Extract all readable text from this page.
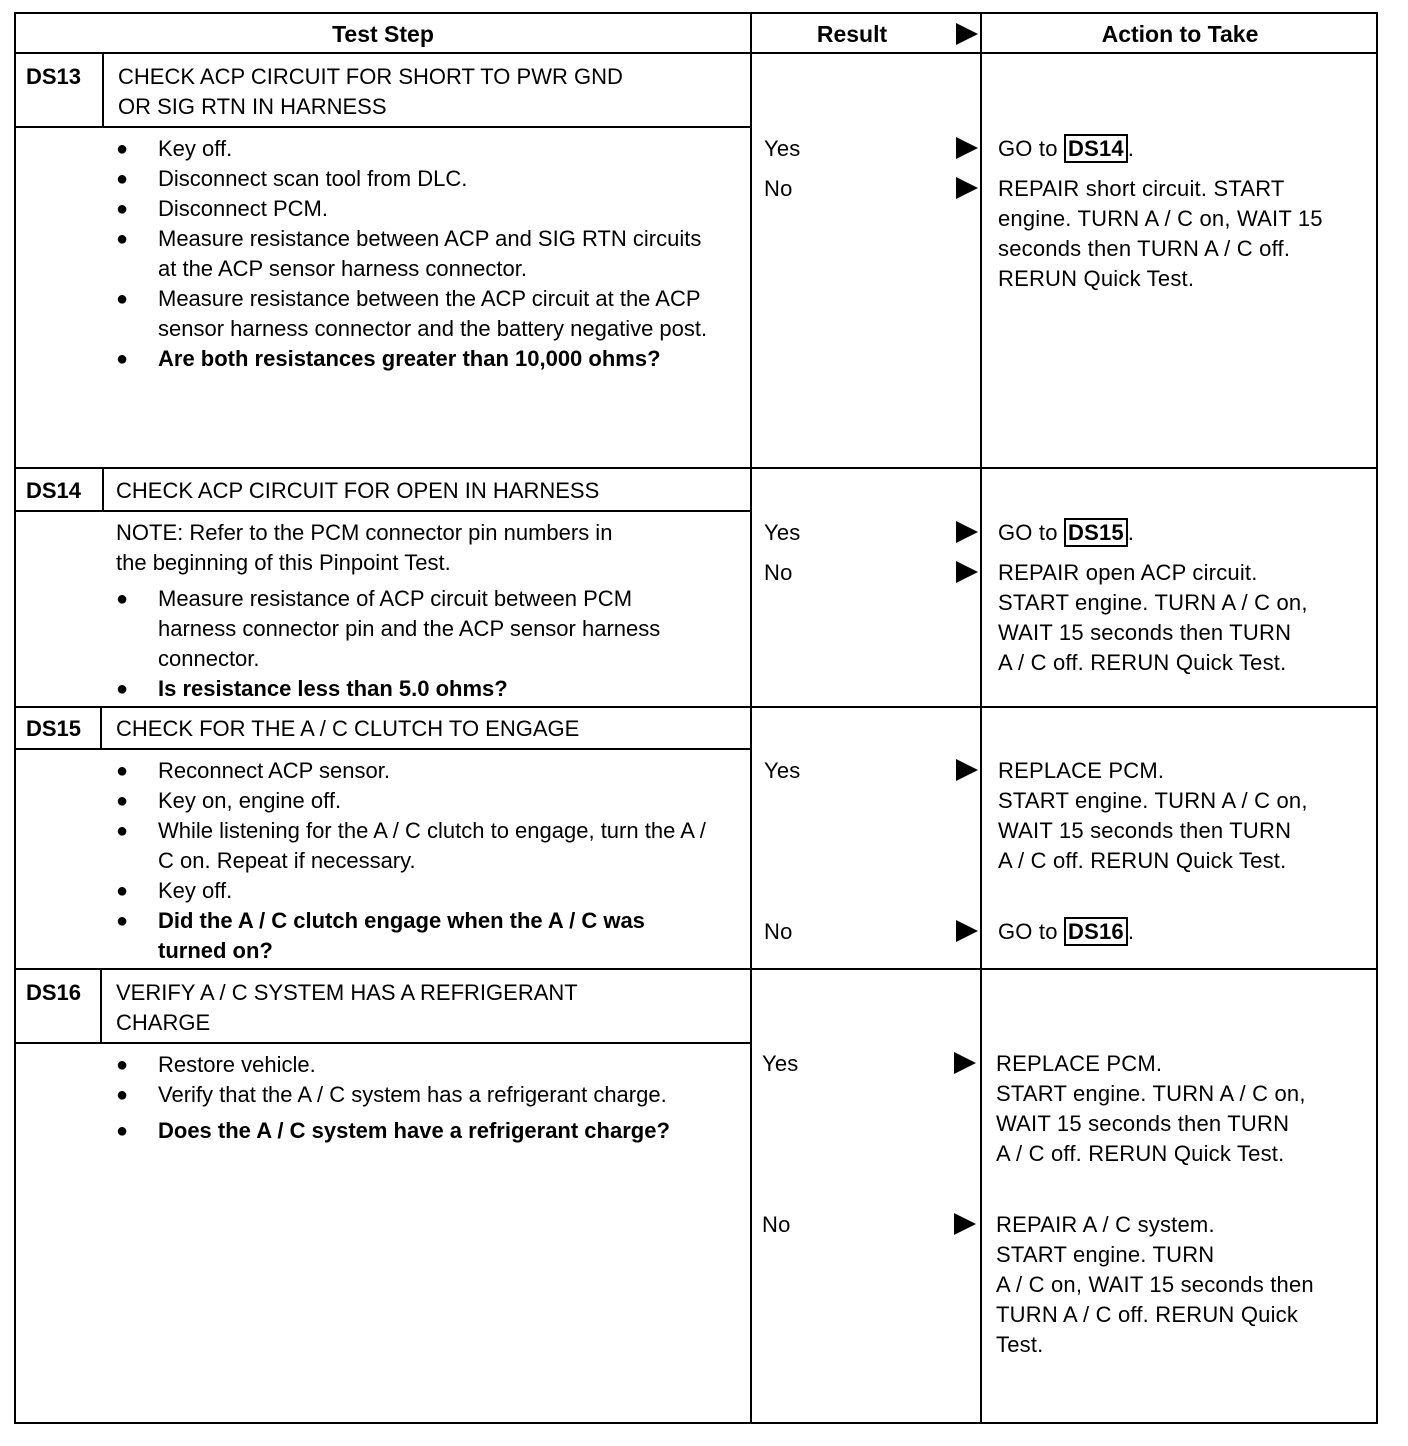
Test Step	Result	Action to Take
DS13 CHECK ACP CIRCUIT FOR SHORT TO PWR GND
OR SIG RTN IN HARNESS
● Key off.
● Disconnect scan tool from DLC.
● Disconnect PCM.
● Measure resistance between ACP and SIG RTN circuits at the ACP sensor harness connector.
● Measure resistance between the ACP circuit at the ACP sensor harness connector and the battery negative post.
● Are both resistances greater than 10,000 ohms?
Yes	GO to DS14 .
No	REPAIR short circuit. START
engine. TURN A / C on, WAIT 15
seconds then TURN A / C off.
RERUN Quick Test.
DS14 CHECK ACP CIRCUIT FOR OPEN IN HARNESS
NOTE: Refer to the PCM connector pin numbers in
the beginning of this Pinpoint Test.
● Measure resistance of ACP circuit between PCM harness connector pin and the ACP sensor harness connector.
● Is resistance less than 5.0 ohms?
Yes	GO to DS15 .
No	REPAIR open ACP circuit.
START engine. TURN A / C on,
WAIT 15 seconds then TURN
A / C off. RERUN Quick Test.
DS15 CHECK FOR THE A / C CLUTCH TO ENGAGE
● Reconnect ACP sensor.
● Key on, engine off.
● While listening for the A / C clutch to engage, turn the A / C on. Repeat if necessary.
● Key off.
● Did the A / C clutch engage when the A / C was turned on?
Yes	REPLACE PCM.
START engine. TURN A / C on,
WAIT 15 seconds then TURN
A / C off. RERUN Quick Test.
No	GO to DS16 .
DS16 VERIFY A / C SYSTEM HAS A REFRIGERANT
CHARGE
● Restore vehicle.
● Verify that the A / C system has a refrigerant charge.
● Does the A / C system have a refrigerant charge?
Yes	REPLACE PCM.
START engine. TURN A / C on,
WAIT 15 seconds then TURN
A / C off. RERUN Quick Test.
No	REPAIR A / C system.
START engine. TURN
A / C on, WAIT 15 seconds then
TURN A / C off. RERUN Quick
Test.
